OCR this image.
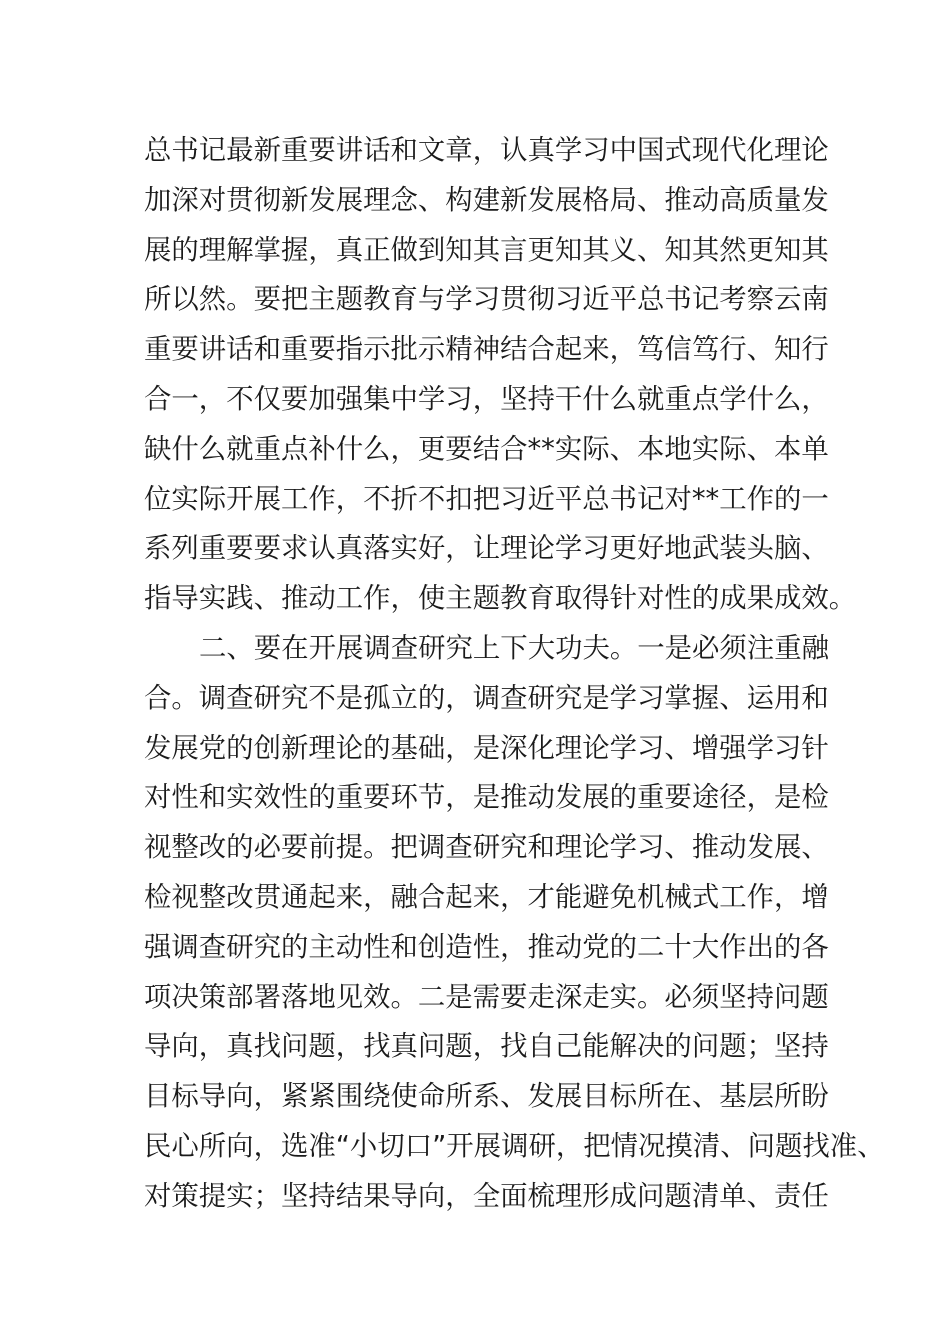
总书记最新重要讲话和文章，认真学习中国式现代化理论
加深对贯彻新发展理念、构建新发展格局、推动高质量发
展的理解掌握，真正做到知其言更知其义、知其然更知其
所以然。要把主题教育与学习贯彻习近平总书记考察云南
重要讲话和重要指示批示精神结合起来，笃信笃行、知行
合一，不仅要加强集中学习，坚持干什么就重点学什么，
缺什么就重点补什么，更要结合**实际、本地实际、本单
位实际开展工作，不折不扣把习近平总书记对**工作的一
系列重要要求认真落实好，让理论学习更好地武装头脑、
指导实践、推动工作，使主题教育取得针对性的成果成效。
二、要在开展调查研究上下大功夫。一是必须注重融
合。调查研究不是孤立的，调查研究是学习掌握、运用和
发展党的创新理论的基础，是深化理论学习、增强学习针
对性和实效性的重要环节，是推动发展的重要途径，是检
视整改的必要前提。把调查研究和理论学习、推动发展、
检视整改贯通起来，融合起来，才能避免机械式工作，增
强调查研究的主动性和创造性，推动党的二十大作出的各
项决策部署落地见效。二是需要走深走实。必须坚持问题
导向，真找问题，找真问题，找自己能解决的问题；坚持
目标导向，紧紧围绕使命所系、发展目标所在、基层所盼
民心所向，选准“小切口”开展调研，把情况摸清、问题找准、
对策提实；坚持结果导向，全面梳理形成问题清单、责任
